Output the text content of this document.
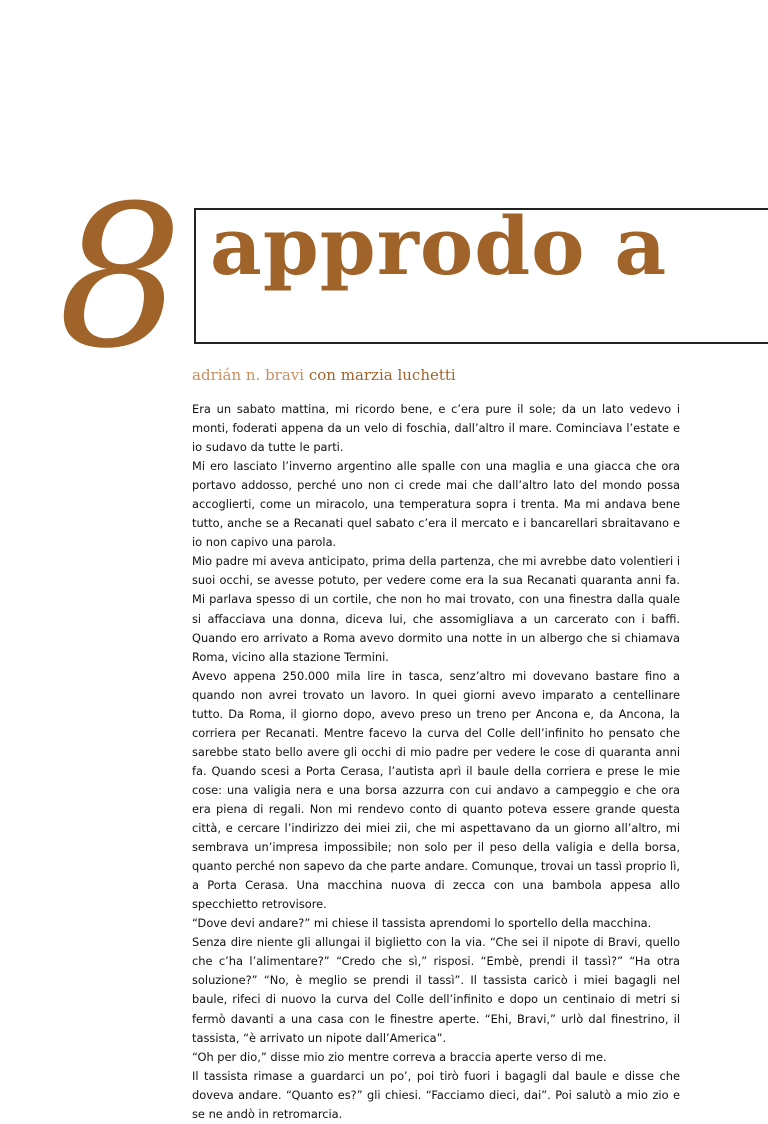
8 approdo a

adrián n. bravi con marzia luchetti

Era un sabato mattina, mi ricordo bene, e c’era pure il sole; da un lato vedevo i monti, foderati appena da un velo di foschia, dall’altro il mare. Cominciava l’estate e io sudavo da tutte le parti.

Mi ero lasciato l’inverno argentino alle spalle con una maglia e una giacca che ora portavo addosso, perché uno non ci crede mai che dall’altro lato del mondo possa accoglierti, come un miracolo, una temperatura sopra i trenta. Ma mi andava bene tutto, anche se a Recanati quel sabato c’era il mercato e i bancarellari sbraitavano e io non capivo una parola.

Mio padre mi aveva anticipato, prima della partenza, che mi avrebbe dato volentieri i suoi occhi, se avesse potuto, per vedere come era la sua Recanati quaranta anni fa. Mi parlava spesso di un cortile, che non ho mai trovato, con una finestra dalla quale si affacciava una donna, diceva lui, che assomigliava a un carcerato con i baffi. Quando ero arrivato a Roma avevo dormito una notte in un albergo che si chiamava Roma, vicino alla stazione Termini.

Avevo appena 250.000 mila lire in tasca, senz’altro mi dovevano bastare fino a quando non avrei trovato un lavoro. In quei giorni avevo imparato a centellinare tutto. Da Roma, il giorno dopo, avevo preso un treno per Ancona e, da Ancona, la corriera per Recanati. Mentre facevo la curva del Colle dell’infinito ho pensato che sarebbe stato bello avere gli occhi di mio padre per vedere le cose di quaranta anni fa. Quando scesi a Porta Cerasa, l’autista aprì il baule della corriera e prese le mie cose: una valigia nera e una borsa azzurra con cui andavo a campeggio e che ora era piena di regali. Non mi rendevo conto di quanto poteva essere grande questa città, e cercare l’indirizzo dei miei zii, che mi aspettavano da un giorno all’altro, mi sembrava un’impresa impossibile; non solo per il peso della valigia e della borsa, quanto perché non sapevo da che parte andare. Comunque, trovai un tassì proprio lì, a Porta Cerasa. Una macchina nuova di zecca con una bambola appesa allo specchietto retrovisore.

“Dove devi andare?” mi chiese il tassista aprendomi lo sportello della macchina.

Senza dire niente gli allungai il biglietto con la via. “Che sei il nipote di Bravi, quello che c’ha l’alimentare?” “Credo che sì,” risposi. “Embè, prendi il tassì?” “Ha otra soluzione?” “No, è meglio se prendi il tassì”. Il tassista caricò i miei bagagli nel baule, rifeci di nuovo la curva del Colle dell’infinito e dopo un centinaio di metri si fermò davanti a una casa con le finestre aperte. “Ehi, Bravi,” urlò dal finestrino, il tassista, “è arrivato un nipote dall’America”.

“Oh per dio,” disse mio zio mentre correva a braccia aperte verso di me.

Il tassista rimase a guardarci un po’, poi tirò fuori i bagagli dal baule e disse che doveva andare. “Quanto es?” gli chiesi. “Facciamo dieci, dai”. Poi salutò a mio zio e se ne andò in retromarcia.
